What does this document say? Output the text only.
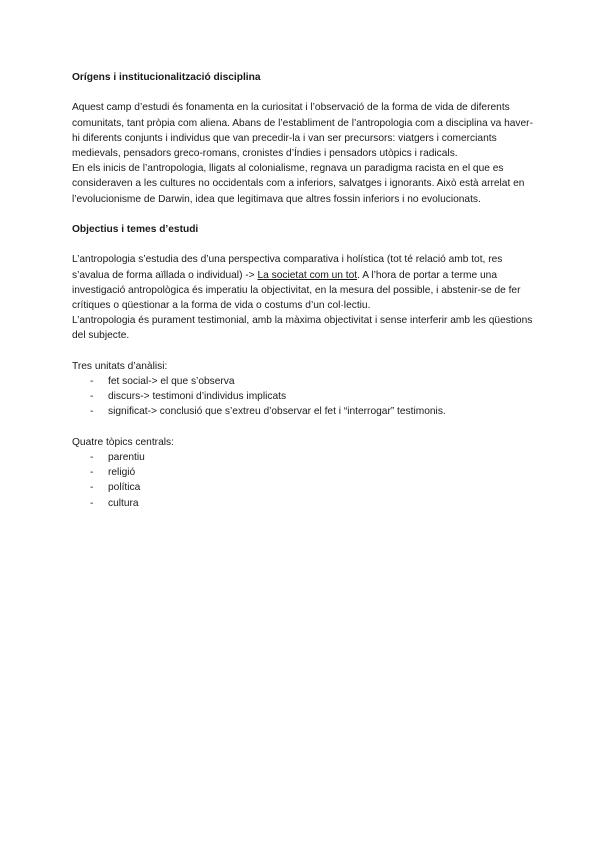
Orígens i institucionalització disciplina

Aquest camp d’estudi és fonamenta en la curiositat i l’observació de la forma de vida de diferents comunitats, tant pròpia com aliena. Abans de l’establiment de l’antropologia com a disciplina va haver-hi diferents conjunts i individus que van precedir-la i van ser precursors: viatgers i comerciants medievals, pensadors greco-romans, cronistes d’Índies i pensadors utòpics i radicals.

En els inicis de l’antropologia, lligats al colonialisme, regnava un paradigma racista en el que es consideraven a les cultures no occidentals com a inferiors, salvatges i ignorants. Això està arrelat en l’evolucionisme de Darwin, idea que legitimava que altres fossin inferiors i no evolucionats.

Objectius i temes d’estudi

L’antropologia s’estudia des d’una perspectiva comparativa i holística (tot té relació amb tot, res s’avalua de forma aïllada o individual) -> La societat com un tot. A l’hora de portar a terme una investigació antropològica és imperatiu la objectivitat, en la mesura del possible, i abstenir-se de fer crítiques o qüestionar a la forma de vida o costums d’un col·lectiu.

L’antropologia és purament testimonial, amb la màxima objectivitat i sense interferir amb les qüestions del subjecte.

Tres unitats d’anàlisi:

- fet social-> el que s’observa
- discurs-> testimoni d’individus implicats
- significat-> conclusió que s’extreu d’observar el fet i “interrogar” testimonis.

Quatre tòpics centrals:

- parentiu
- religió
- política
- cultura
